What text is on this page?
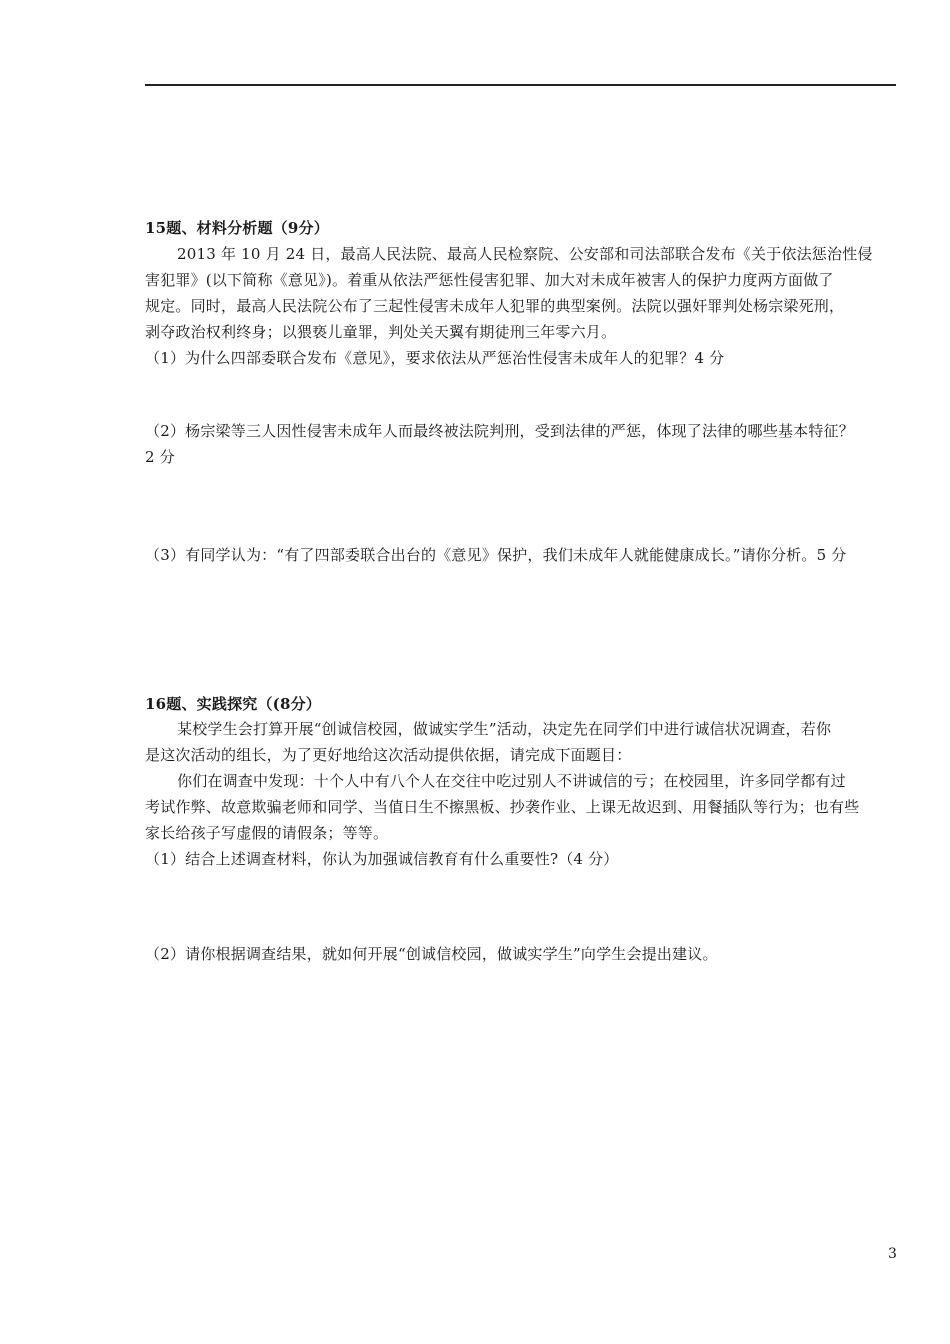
15题、材料分析题（9分）
2013 年 10 月 24 日，最高人民法院、最高人民检察院、公安部和司法部联合发布《关于依法惩治性侵
害犯罪》(以下简称《意见》)。着重从依法严惩性侵害犯罪、加大对未成年被害人的保护力度两方面做了
规定。同时，最高人民法院公布了三起性侵害未成年人犯罪的典型案例。法院以强奸罪判处杨宗梁死刑，
剥夺政治权利终身；以猥亵儿童罪，判处关天翼有期徒刑三年零六月。
（1）为什么四部委联合发布《意见》，要求依法从严惩治性侵害未成年人的犯罪？4 分
（2）杨宗梁等三人因性侵害未成年人而最终被法院判刑，受到法律的严惩，体现了法律的哪些基本特征？
2 分
（3）有同学认为：“有了四部委联合出台的《意见》保护，我们未成年人就能健康成长。”请你分析。5 分
16题、实践探究（(8分）
某校学生会打算开展“创诚信校园，做诚实学生”活动，决定先在同学们中进行诚信状况调查，若你
是这次活动的组长，为了更好地给这次活动提供依据，请完成下面题目：
你们在调查中发现：十个人中有八个人在交往中吃过别人不讲诚信的亏；在校园里，许多同学都有过
考试作弊、故意欺骗老师和同学、当值日生不擦黑板、抄袭作业、上课无故迟到、用餐插队等行为；也有些
家长给孩子写虚假的请假条；等等。
（1）结合上述调查材料，你认为加强诚信教育有什么重要性?（4 分）
（2）请你根据调查结果，就如何开展“创诚信校园，做诚实学生”向学生会提出建议。
3
